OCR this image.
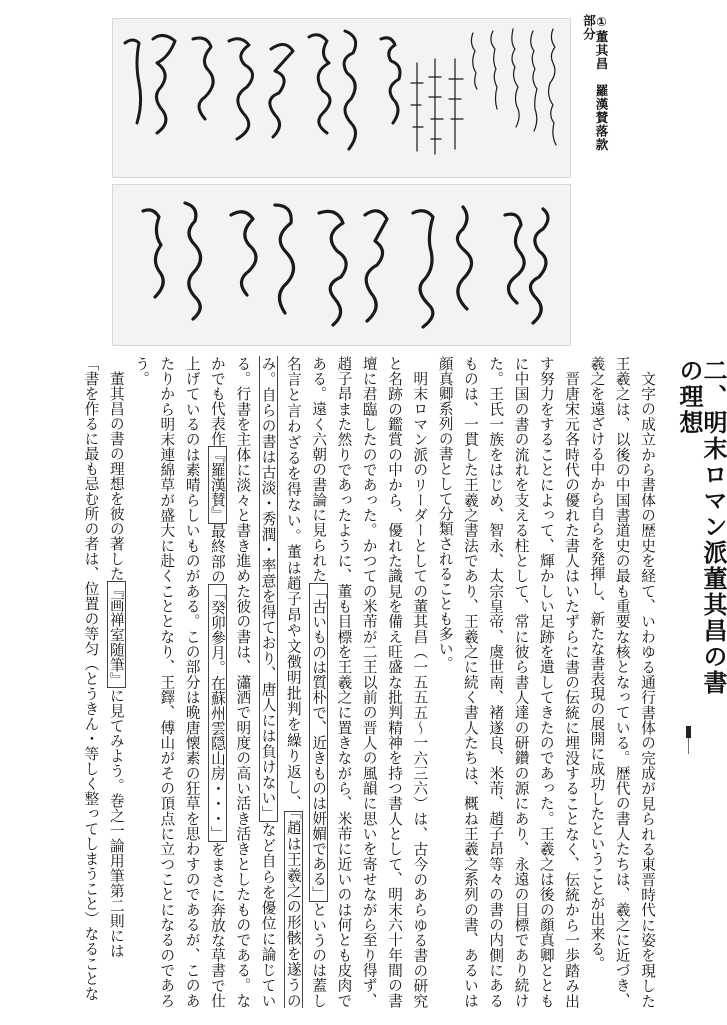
①董其昌　羅漢賛落款部分
二、明末ロマン派董其昌の書の理想

文字の成立から書体の歴史を経て、いわゆる通行書体の完成が見られる東晋時代に姿を現した王羲之は、以後の中国書道史の最も重要な核となっている。歴代の書人たちは、羲之に近づき、羲之を遠ざける中から自らを発揮し、新たな書表現の展開に成功したということが出来る。

晋唐宋元各時代の優れた書人はいたずらに書の伝統に埋没することなく、伝統から一歩踏み出す努力をすることによって、輝かしい足跡を遺してきたのであった。王羲之は後の顔真卿とともに中国の書の流れを支える柱として、常に彼ら書人達の研鑽の源にあり、永遠の目標であり続けた。王氏一族をはじめ、智永、太宗皇帝、虞世南、褚遂良、米芾、趙子昂等々の書の内側にあるものは、一貫した王羲之書法であり、王羲之に続く書人たちは、概ね王羲之系列の書、あるいは顔真卿系列の書として分類されることも多い。

明末ロマン派のリーダーとしての董其昌（一五五五～一六三六）は、古今のあらゆる書の研究と名跡の鑑賞の中から、優れた識見を備え旺盛な批判精神を持つ書人として、明末六十年間の書壇に君臨したのであった。かつての米芾が二王以前の晋人の風韻に思いを寄せながら至り得ず、趙子昂また然りであったように、董も目標を王羲之に置きながら、米芾に近いのは何とも皮肉である。遠く六朝の書論に見られた「古いものは質朴で、近きものは妍媚である」というのは蓋し名言と言わざるを得ない。董は趙子昂や文徴明批判を繰り返し、「趙は王羲之の形骸を遂うのみ。自らの書は古淡・秀潤・率意を得ており、唐人には負けない」など自らを優位に論じている。行書を主体に淡々と書き進めた彼の書は、瀟洒で明度の高い活き活きとしたものである。なかでも代表作『羅漢賛』最終部の「癸卯參月。在蘇州雲隠山房・・・」をまさに奔放な草書で仕上げているのは素晴らしいものがある。この部分は晩唐懐素の狂草を思わすのであるが、このあたりから明末連綿草が盛大に赴くこととなり、王鐸、傅山がその頂点に立つことになるのであろう。

董其昌の書の理想を彼の著した『画禅室随筆』に見てみよう。巻之一論用筆第二則には

「書を作るに最も忌む所の者は、位置の等匀（とうきん・等しく整ってしまうこと）なることな
